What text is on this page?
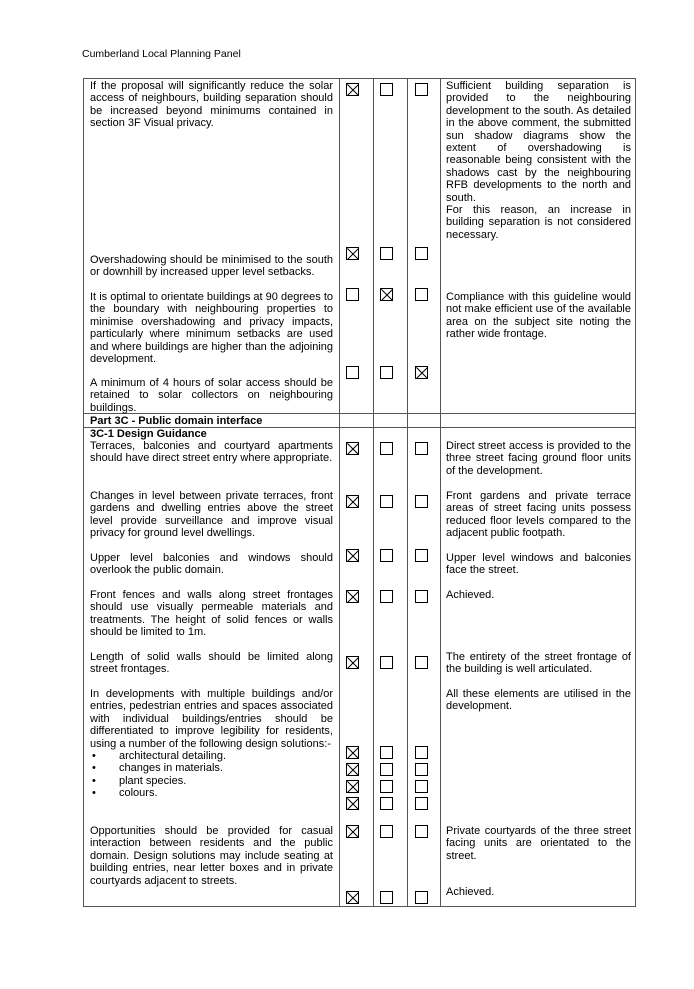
Cumberland Local Planning Panel
If the proposal will significantly reduce the solar access of neighbours, building separation should be increased beyond minimums contained in section 3F Visual privacy.
Sufficient building separation is provided to the neighbouring development to the south. As detailed in the above comment, the submitted sun shadow diagrams show the extent of overshadowing is reasonable being consistent with the shadows cast by the neighbouring RFB developments to the north and south.
For this reason, an increase in building separation is not considered necessary.
Overshadowing should be minimised to the south or downhill by increased upper level setbacks.
It is optimal to orientate buildings at 90 degrees to the boundary with neighbouring properties to minimise overshadowing and privacy impacts, particularly where minimum setbacks are used and where buildings are higher than the adjoining development.
Compliance with this guideline would not make efficient use of the available area on the subject site noting the rather wide frontage.
A minimum of 4 hours of solar access should be retained to solar collectors on neighbouring buildings.
Part 3C - Public domain interface
3C-1 Design Guidance
Terraces, balconies and courtyard apartments should have direct street entry where appropriate.
Direct street access is provided to the three street facing ground floor units of the development.
Changes in level between private terraces, front gardens and dwelling entries above the street level provide surveillance and improve visual privacy for ground level dwellings.
Front gardens and private terrace areas of street facing units possess reduced floor levels compared to the adjacent public footpath.
Upper level balconies and windows should overlook the public domain.
Upper level windows and balconies face the street.
Front fences and walls along street frontages should use visually permeable materials and treatments. The height of solid fences or walls should be limited to 1m.
Achieved.
Length of solid walls should be limited along street frontages.
The entirety of the street frontage of the building is well articulated.
In developments with multiple buildings and/or entries, pedestrian entries and spaces associated with individual buildings/entries should be differentiated to improve legibility for residents, using a number of the following design solutions:-
• architectural detailing.
• changes in materials.
• plant species.
• colours.
All these elements are utilised in the development.
Opportunities should be provided for casual interaction between residents and the public domain. Design solutions may include seating at building entries, near letter boxes and in private courtyards adjacent to streets.
Private courtyards of the three street facing units are orientated to the street.
Achieved.
